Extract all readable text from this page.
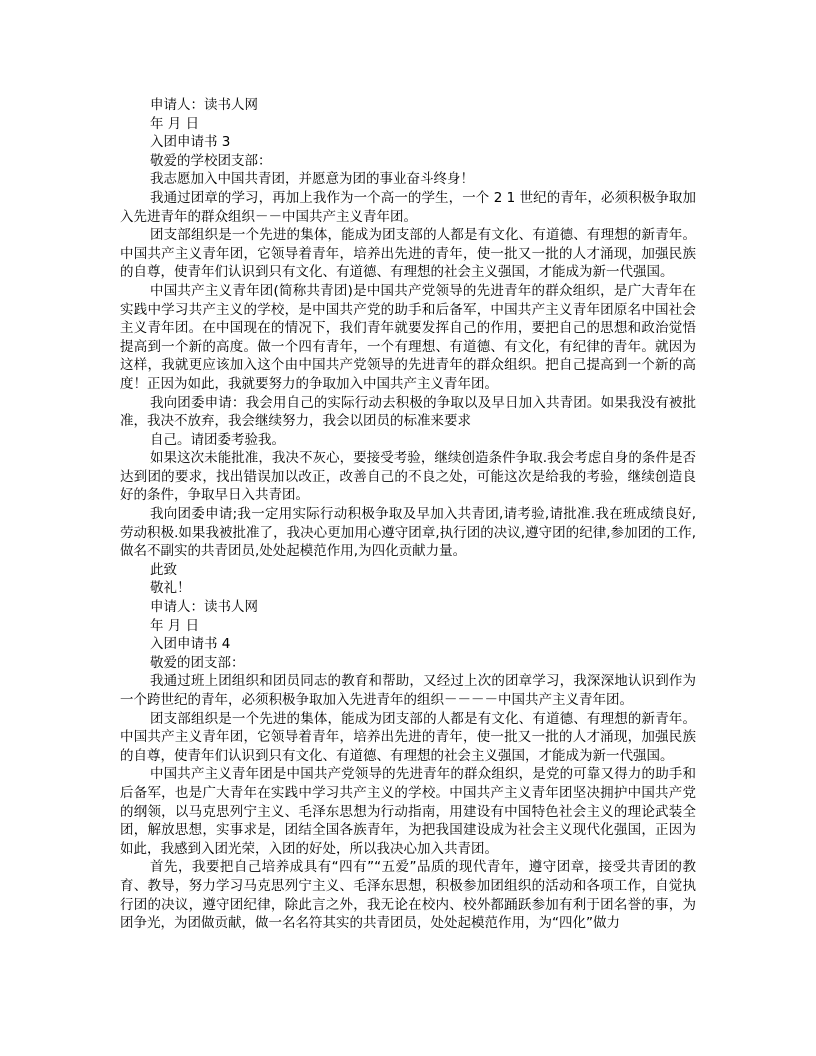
申请人：读书人网

年 月 日

入团申请书 3

敬爱的学校团支部：

我志愿加入中国共青团，并愿意为团的事业奋斗终身！

我通过团章的学习，再加上我作为一个高一的学生，一个 2 1 世纪的青年，必须积极争取加入先进青年的群众组织－－中国共产主义青年团。

团支部组织是一个先进的集体，能成为团支部的人都是有文化、有道德、有理想的新青年。中国共产主义青年团，它领导着青年，培养出先进的青年，使一批又一批的人才涌现，加强民族的自尊，使青年们认识到只有文化、有道德、有理想的社会主义强国，才能成为新一代强国。

中国共产主义青年团(简称共青团)是中国共产党领导的先进青年的群众组织，是广大青年在实践中学习共产主义的学校，是中国共产党的助手和后备军，中国共产主义青年团原名中国社会主义青年团。在中国现在的情况下，我们青年就要发挥自己的作用，要把自己的思想和政治觉悟提高到一个新的高度。做一个四有青年，一个有理想、有道德、有文化，有纪律的青年。就因为这样，我就更应该加入这个由中国共产党领导的先进青年的群众组织。把自己提高到一个新的高度！正因为如此，我就要努力的争取加入中国共产主义青年团。

我向团委申请：我会用自己的实际行动去积极的争取以及早日加入共青团。如果我没有被批准，我决不放弃，我会继续努力，我会以团员的标准来要求

自己。请团委考验我。

如果这次未能批准，我决不灰心，要接受考验，继续创造条件争取.我会考虑自身的条件是否达到团的要求，找出错误加以改正，改善自己的不良之处，可能这次是给我的考验，继续创造良好的条件，争取早日入共青团。

我向团委申请;我一定用实际行动积极争取及早加入共青团,请考验,请批准.我在班成绩良好,劳动积极.如果我被批准了，我决心更加用心遵守团章,执行团的决议,遵守团的纪律,参加团的工作,做名不副实的共青团员,处处起模范作用,为四化贡献力量。

此致

敬礼！

申请人：读书人网

年 月 日

入团申请书 4

敬爱的团支部：

我通过班上团组织和团员同志的教育和帮助，又经过上次的团章学习，我深深地认识到作为一个跨世纪的青年，必须积极争取加入先进青年的组织－－－－中国共产主义青年团。

团支部组织是一个先进的集体，能成为团支部的人都是有文化、有道德、有理想的新青年。中国共产主义青年团，它领导着青年，培养出先进的青年，使一批又一批的人才涌现，加强民族的自尊，使青年们认识到只有文化、有道德、有理想的社会主义强国，才能成为新一代强国。

中国共产主义青年团是中国共产党领导的先进青年的群众组织，是党的可靠又得力的助手和后备军，也是广大青年在实践中学习共产主义的学校。中国共产主义青年团坚决拥护中国共产党的纲领，以马克思列宁主义、毛泽东思想为行动指南，用建设有中国特色社会主义的理论武装全团，解放思想，实事求是，团结全国各族青年，为把我国建设成为社会主义现代化强国，正因为如此，我感到入团光荣，入团的好处，所以我决心加入共青团。

首先，我要把自己培养成具有“四有”“五爱”品质的现代青年，遵守团章，接受共青团的教育、教导，努力学习马克思列宁主义、毛泽东思想，积极参加团组织的活动和各项工作，自觉执行团的决议，遵守团纪律，除此言之外，我无论在校内、校外都踊跃参加有利于团名誉的事，为团争光，为团做贡献，做一名名符其实的共青团员，处处起模范作用，为“四化”做力
